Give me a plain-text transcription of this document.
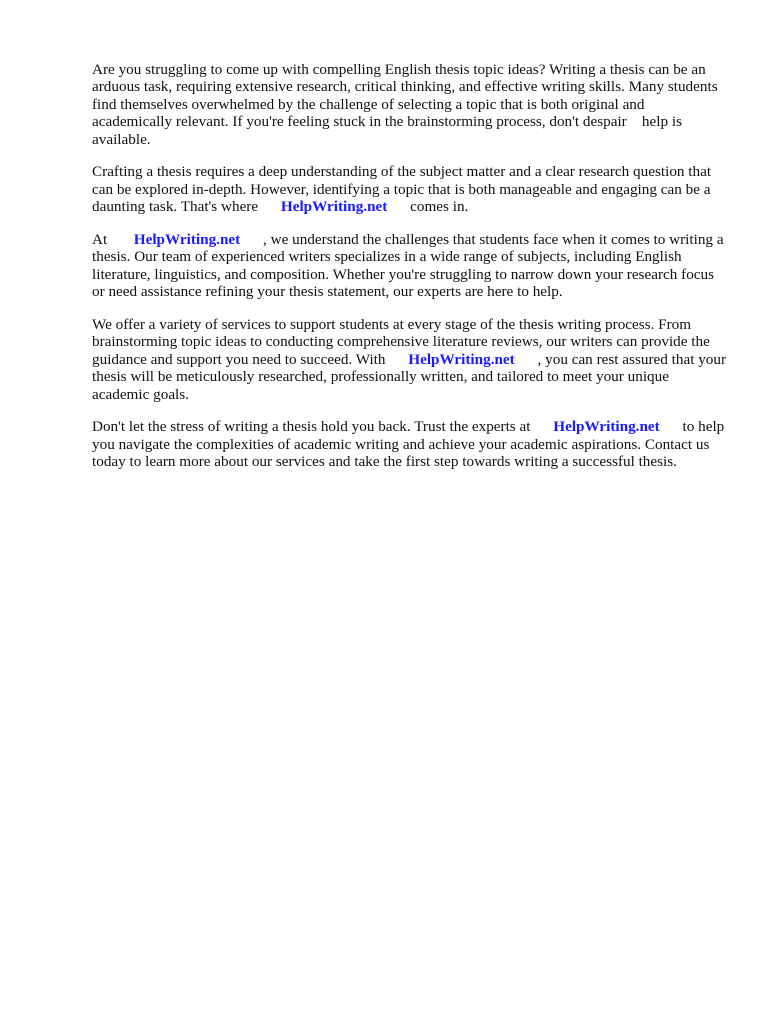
Are you struggling to come up with compelling English thesis topic ideas? Writing a thesis can be an arduous task, requiring extensive research, critical thinking, and effective writing skills. Many students find themselves overwhelmed by the challenge of selecting a topic that is both original and academically relevant. If you're feeling stuck in the brainstorming process, don't despair    help is available.

Crafting a thesis requires a deep understanding of the subject matter and a clear research question that can be explored in-depth. However, identifying a topic that is both manageable and engaging can be a daunting task. That's where      HelpWriting.net      comes in.

At       HelpWriting.net      , we understand the challenges that students face when it comes to writing a thesis. Our team of experienced writers specializes in a wide range of subjects, including English literature, linguistics, and composition. Whether you're struggling to narrow down your research focus or need assistance refining your thesis statement, our experts are here to help.

We offer a variety of services to support students at every stage of the thesis writing process. From brainstorming topic ideas to conducting comprehensive literature reviews, our writers can provide the guidance and support you need to succeed. With      HelpWriting.net      , you can rest assured that your thesis will be meticulously researched, professionally written, and tailored to meet your unique academic goals.

Don't let the stress of writing a thesis hold you back. Trust the experts at      HelpWriting.net      to help you navigate the complexities of academic writing and achieve your academic aspirations. Contact us today to learn more about our services and take the first step towards writing a successful thesis.
